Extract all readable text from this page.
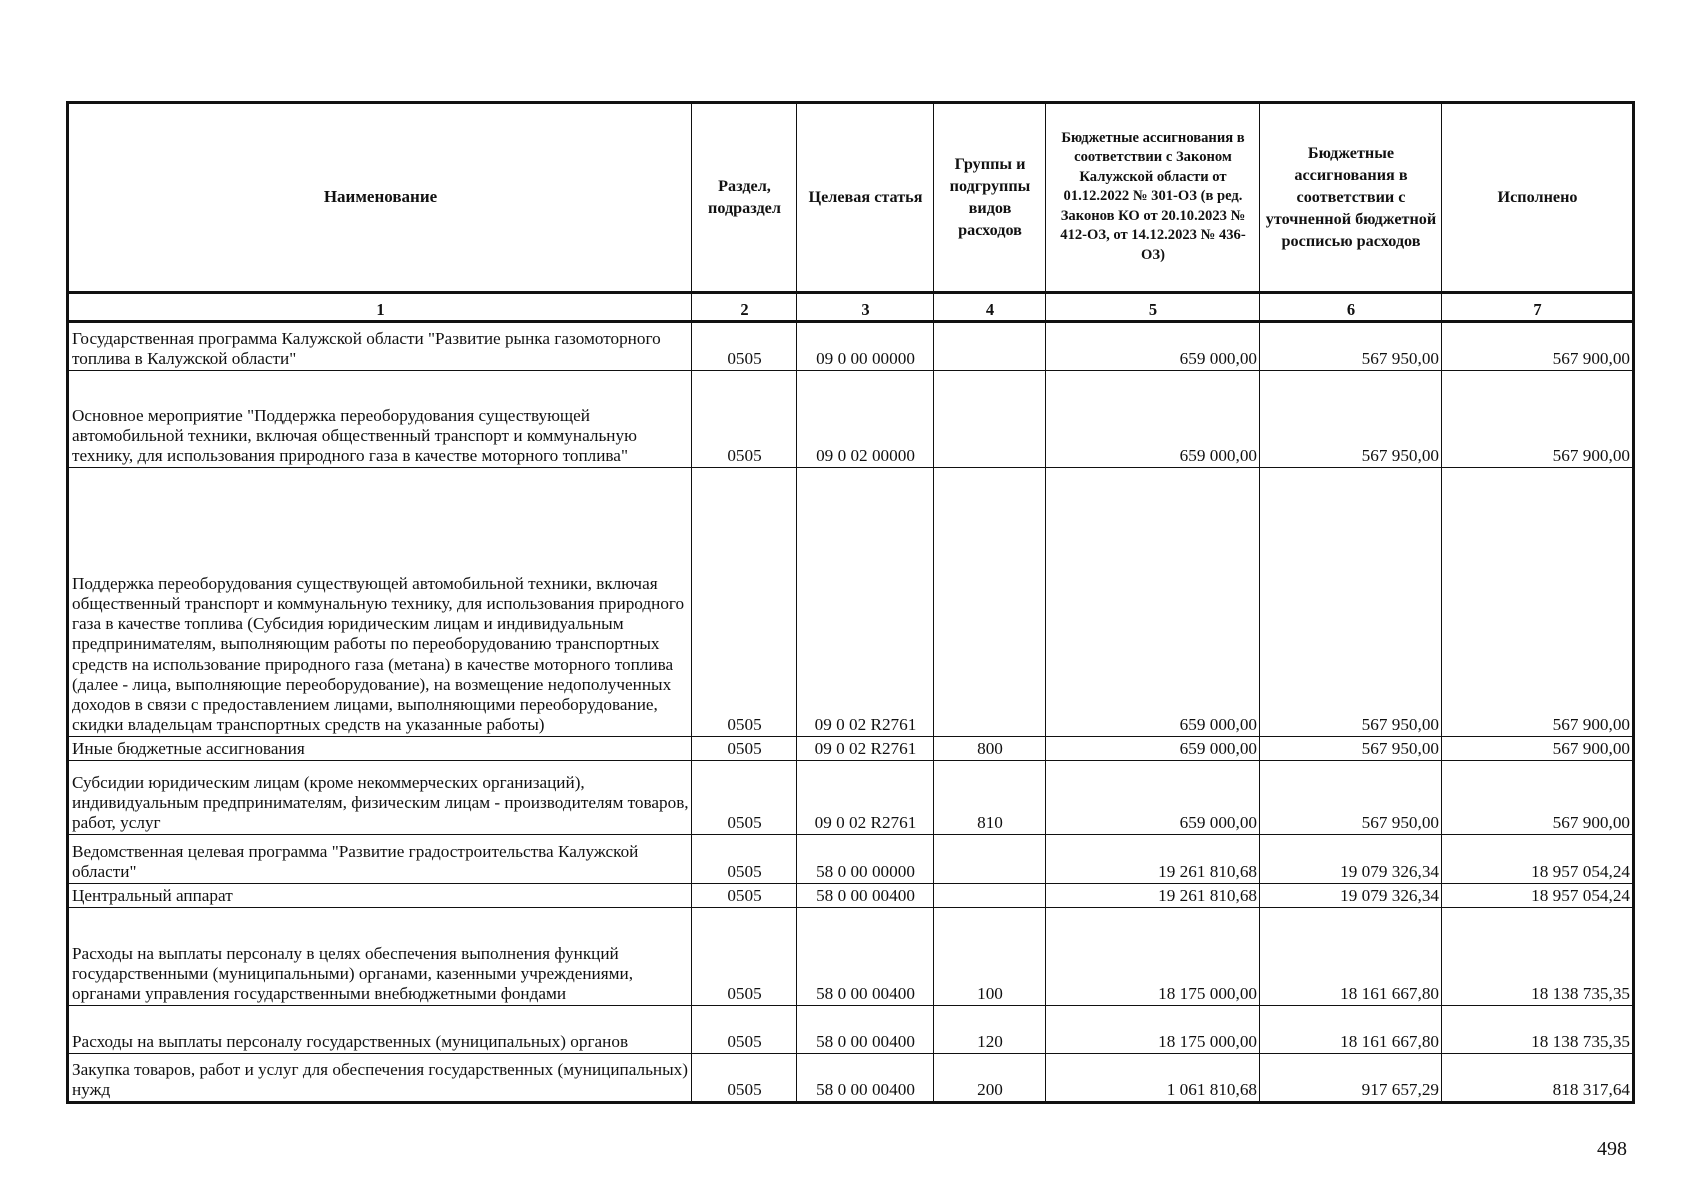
Наименование	Раздел, подраздел	Целевая статья	Группы и подгруппы видов расходов	Бюджетные ассигнования в соответствии с Законом Калужской области от 01.12.2022 № 301-ОЗ (в ред. Законов КО от 20.10.2023 № 412-ОЗ, от 14.12.2023 № 436-ОЗ)	Бюджетные ассигнования в соответствии с уточненной бюджетной росписью расходов	Исполнено
1	2	3	4	5	6	7
Государственная программа Калужской области "Развитие рынка газомоторного топлива в Калужской области"	0505	09 0 00 00000		659 000,00	567 950,00	567 900,00
Основное мероприятие "Поддержка переоборудования существующей автомобильной техники, включая общественный транспорт и коммунальную технику, для использования природного газа в качестве моторного топлива"	0505	09 0 02 00000		659 000,00	567 950,00	567 900,00
Поддержка переоборудования существующей автомобильной техники, включая общественный транспорт и коммунальную технику, для использования природного газа в качестве топлива (Субсидия юридическим лицам и индивидуальным предпринимателям, выполняющим работы по переоборудованию транспортных средств на использование природного газа (метана) в качестве моторного топлива (далее - лица, выполняющие переоборудование), на возмещение недополученных доходов в связи с предоставлением лицами, выполняющими переоборудование, скидки владельцам транспортных средств на указанные работы)	0505	09 0 02 R2761		659 000,00	567 950,00	567 900,00
Иные бюджетные ассигнования	0505	09 0 02 R2761	800	659 000,00	567 950,00	567 900,00
Субсидии юридическим лицам (кроме некоммерческих организаций), индивидуальным предпринимателям, физическим лицам - производителям товаров, работ, услуг	0505	09 0 02 R2761	810	659 000,00	567 950,00	567 900,00
Ведомственная целевая программа "Развитие градостроительства Калужской области"	0505	58 0 00 00000		19 261 810,68	19 079 326,34	18 957 054,24
Центральный аппарат	0505	58 0 00 00400		19 261 810,68	19 079 326,34	18 957 054,24
Расходы на выплаты персоналу в целях обеспечения выполнения функций государственными (муниципальными) органами, казенными учреждениями, органами управления государственными внебюджетными фондами	0505	58 0 00 00400	100	18 175 000,00	18 161 667,80	18 138 735,35
Расходы на выплаты персоналу государственных (муниципальных) органов	0505	58 0 00 00400	120	18 175 000,00	18 161 667,80	18 138 735,35
Закупка товаров, работ и услуг для обеспечения государственных (муниципальных) нужд	0505	58 0 00 00400	200	1 061 810,68	917 657,29	818 317,64
498
